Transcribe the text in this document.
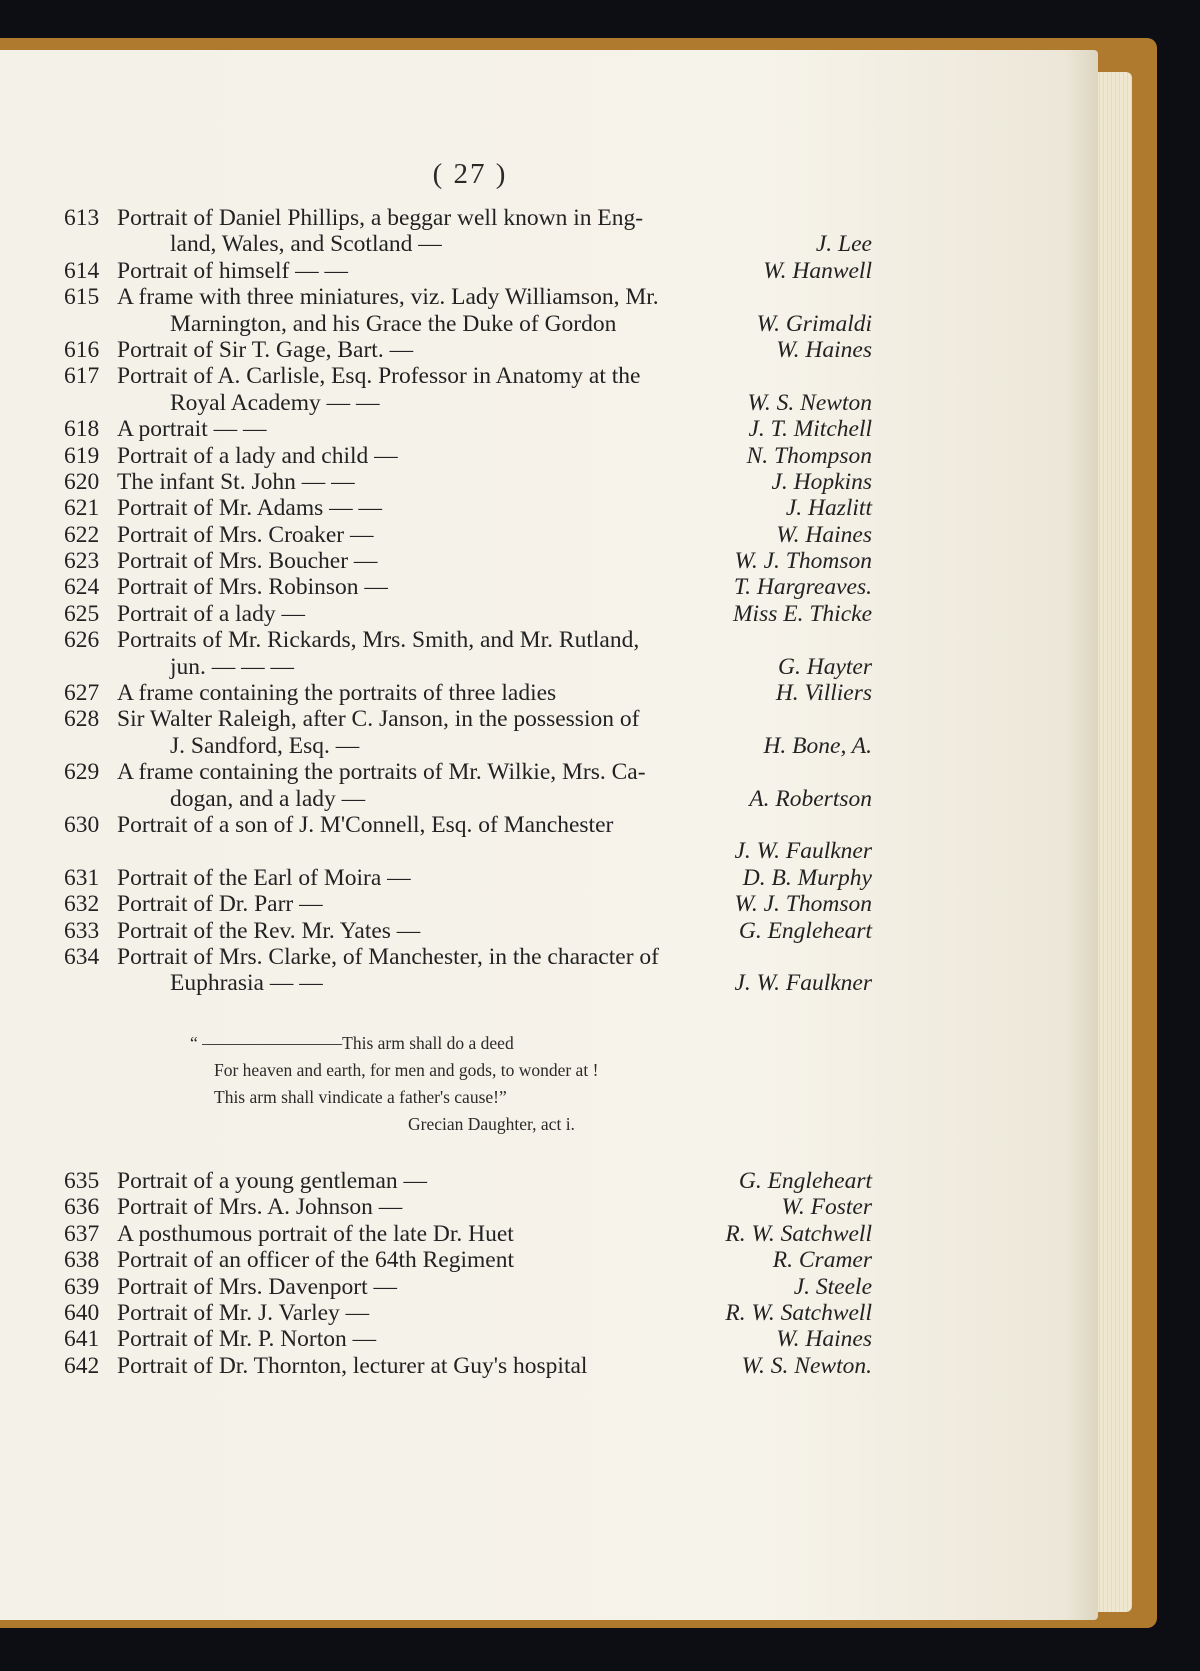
( 27 )
613 Portrait of Daniel Phillips, a beggar well known in Eng-
land, Wales, and Scotland —	J. Lee
614 Portrait of himself — —	W. Hanwell
615 A frame with three miniatures, viz. Lady Williamson, Mr.
Marnington, and his Grace the Duke of Gordon	W. Grimaldi
616 Portrait of Sir T. Gage, Bart. —	W. Haines
617 Portrait of A. Carlisle, Esq. Professor in Anatomy at the
Royal Academy — —	W. S. Newton
618 A portrait — —	J. T. Mitchell
619 Portrait of a lady and child —	N. Thompson
620 The infant St. John — —	J. Hopkins
621 Portrait of Mr. Adams — —	J. Hazlitt
622 Portrait of Mrs. Croaker —	W. Haines
623 Portrait of Mrs. Boucher —	W. J. Thomson
624 Portrait of Mrs. Robinson —	T. Hargreaves.
625 Portrait of a lady —	Miss E. Thicke
626 Portraits of Mr. Rickards, Mrs. Smith, and Mr. Rutland,
jun. — — —	G. Hayter
627 A frame containing the portraits of three ladies	H. Villiers
628 Sir Walter Raleigh, after C. Janson, in the possession of
J. Sandford, Esq. —	H. Bone, A.
629 A frame containing the portraits of Mr. Wilkie, Mrs. Ca-
dogan, and a lady —	A. Robertson
630 Portrait of a son of J. M'Connell, Esq. of Manchester
J. W. Faulkner
631 Portrait of the Earl of Moira —	D. B. Murphy
632 Portrait of Dr. Parr —	W. J. Thomson
633 Portrait of the Rev. Mr. Yates —	G. Engleheart
634 Portrait of Mrs. Clarke, of Manchester, in the character of
Euphrasia — —	J. W. Faulkner
“ ————————This arm shall do a deed
For heaven and earth, for men and gods, to wonder at !
This arm shall vindicate a father's cause!”
Grecian Daughter, act i.
635 Portrait of a young gentleman —	G. Engleheart
636 Portrait of Mrs. A. Johnson —	W. Foster
637 A posthumous portrait of the late Dr. Huet	R. W. Satchwell
638 Portrait of an officer of the 64th Regiment	R. Cramer
639 Portrait of Mrs. Davenport —	J. Steele
640 Portrait of Mr. J. Varley —	R. W. Satchwell
641 Portrait of Mr. P. Norton —	W. Haines
642 Portrait of Dr. Thornton, lecturer at Guy's hospital	W. S. Newton.
